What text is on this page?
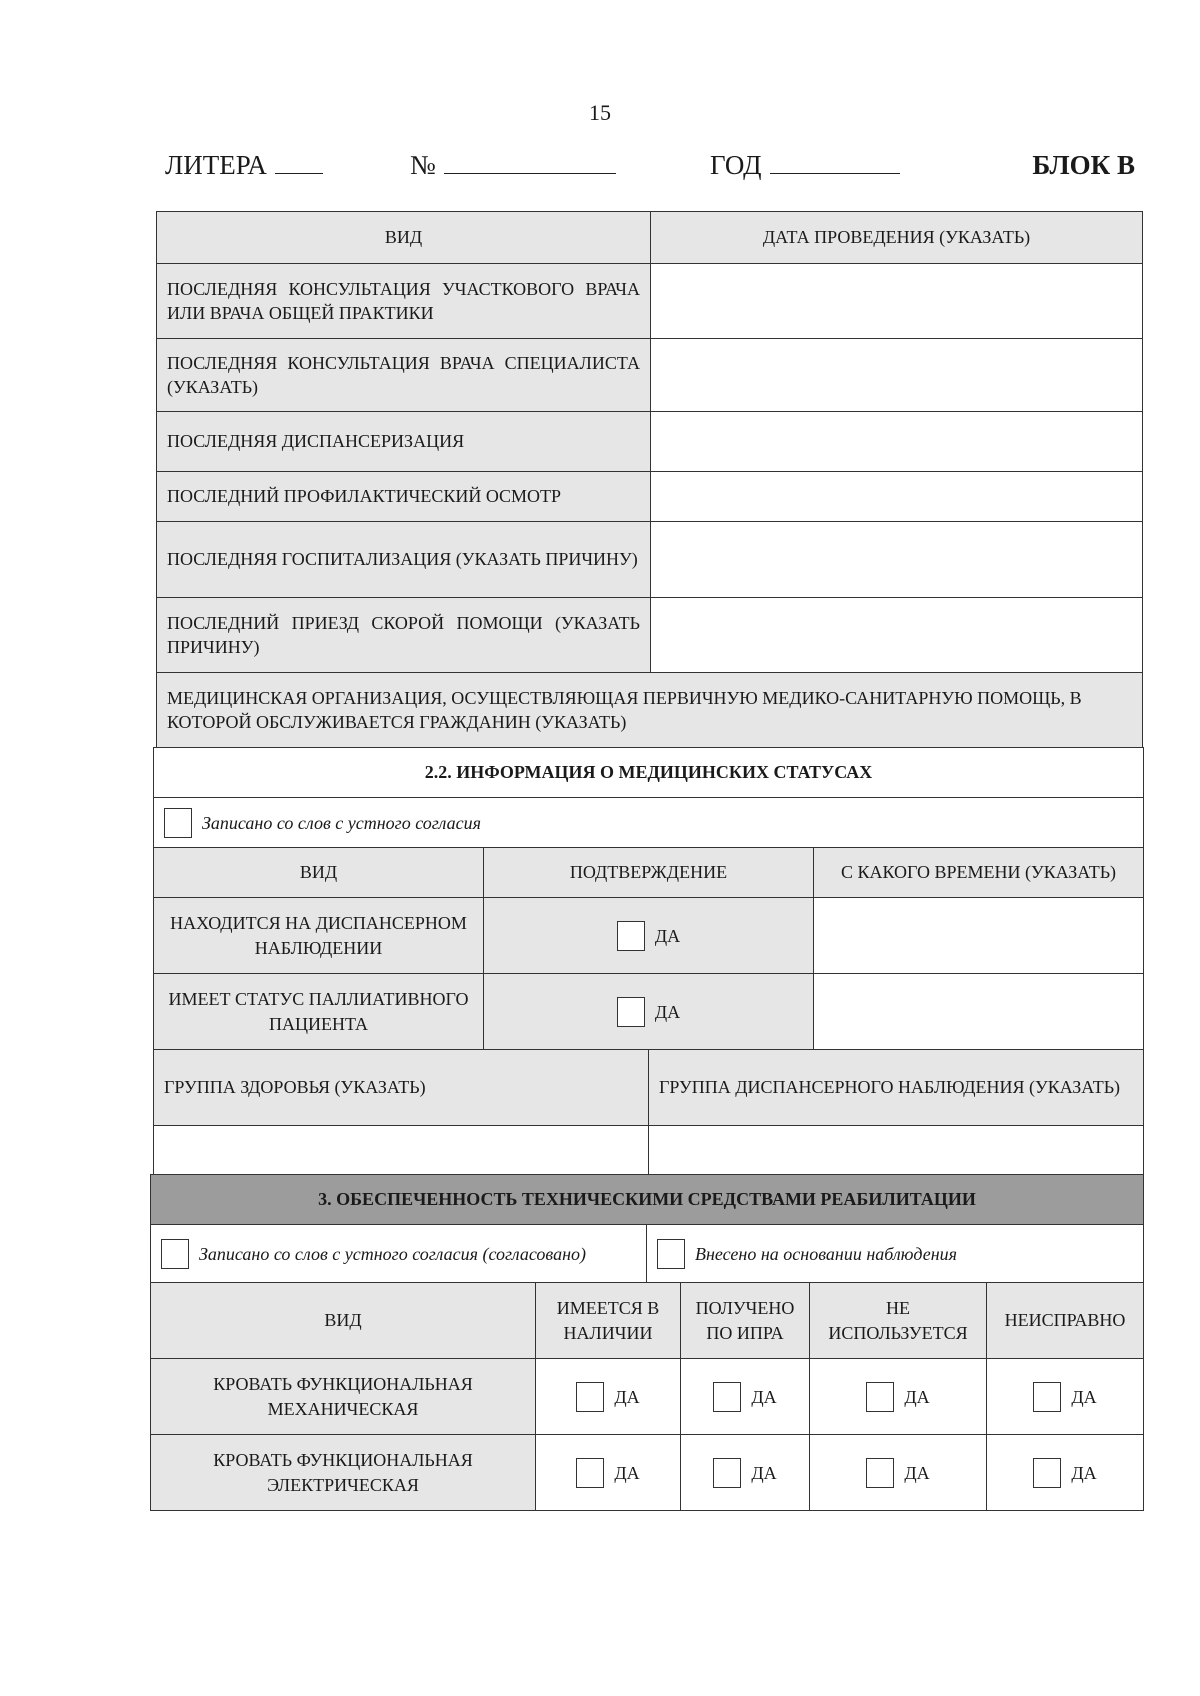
15
ЛИТЕРА	№	ГОД	БЛОК В
ВИД	ДАТА ПРОВЕДЕНИЯ (УКАЗАТЬ)
ПОСЛЕДНЯЯ КОНСУЛЬТАЦИЯ УЧАСТКОВОГО ВРАЧА ИЛИ ВРАЧА ОБЩЕЙ ПРАКТИКИ	
ПОСЛЕДНЯЯ КОНСУЛЬТАЦИЯ ВРАЧА СПЕЦИАЛИСТА (УКАЗАТЬ)	
ПОСЛЕДНЯЯ ДИСПАНСЕРИЗАЦИЯ	
ПОСЛЕДНИЙ ПРОФИЛАКТИЧЕСКИЙ ОСМОТР	
ПОСЛЕДНЯЯ ГОСПИТАЛИЗАЦИЯ (УКАЗАТЬ ПРИЧИНУ)	
ПОСЛЕДНИЙ ПРИЕЗД СКОРОЙ ПОМОЩИ (УКАЗАТЬ ПРИЧИНУ)	
МЕДИЦИНСКАЯ ОРГАНИЗАЦИЯ, ОСУЩЕСТВЛЯЮЩАЯ ПЕРВИЧНУЮ МЕДИКО-САНИТАРНУЮ ПОМОЩЬ, В КОТОРОЙ ОБСЛУЖИВАЕТСЯ ГРАЖДАНИН (УКАЗАТЬ)	
2.2. ИНФОРМАЦИЯ О МЕДИЦИНСКИХ СТАТУСАХ		
Записано со слов с устного согласия		
ВИД	ПОДТВЕРЖДЕНИЕ	С КАКОГО ВРЕМЕНИ (УКАЗАТЬ)
НАХОДИТСЯ НА ДИСПАНСЕРНОМ НАБЛЮДЕНИИ	ДА	
ИМЕЕТ СТАТУС ПАЛЛИАТИВНОГО ПАЦИЕНТА	ДА	
ГРУППА ЗДОРОВЬЯ (УКАЗАТЬ)	ГРУППА ДИСПАНСЕРНОГО НАБЛЮДЕНИЯ (УКАЗАТЬ)

3. ОБЕСПЕЧЕННОСТЬ ТЕХНИЧЕСКИМИ СРЕДСТВАМИ РЕАБИЛИТАЦИИ
Записано со слов с устного согласия (согласовано)	Внесено на основании наблюдения
ВИД	ИМЕЕТСЯ В НАЛИЧИИ	ПОЛУЧЕНО ПО ИПРА	НЕ ИСПОЛЬЗУЕТСЯ	НЕИСПРАВНО
КРОВАТЬ ФУНКЦИОНАЛЬНАЯ МЕХАНИЧЕСКАЯ	ДА	ДА	ДА	ДА
КРОВАТЬ ФУНКЦИОНАЛЬНАЯ ЭЛЕКТРИЧЕСКАЯ	ДА	ДА	ДА	ДА
